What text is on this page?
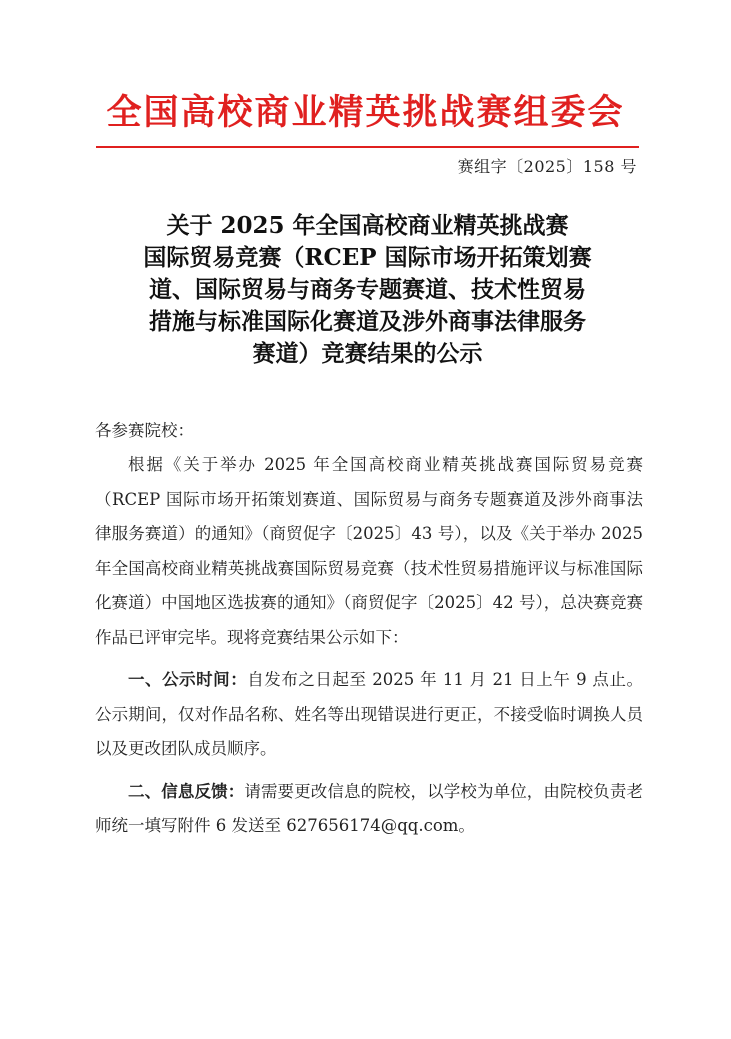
全国高校商业精英挑战赛组委会
赛组字〔2025〕158 号
关于 2025 年全国高校商业精英挑战赛
国际贸易竞赛（RCEP 国际市场开拓策划赛
道、国际贸易与商务专题赛道、技术性贸易
措施与标准国际化赛道及涉外商事法律服务
赛道）竞赛结果的公示

各参赛院校：

根据《关于举办 2025 年全国高校商业精英挑战赛国际贸易竞赛（RCEP 国际市场开拓策划赛道、国际贸易与商务专题赛道及涉外商事法律服务赛道）的通知》（商贸促字〔2025〕43 号），以及《关于举办 2025 年全国高校商业精英挑战赛国际贸易竞赛（技术性贸易措施评议与标准国际化赛道）中国地区选拔赛的通知》（商贸促字〔2025〕42 号），总决赛竞赛作品已评审完毕。现将竞赛结果公示如下：

一、公示时间：自发布之日起至 2025 年 11 月 21 日上午 9 点止。公示期间，仅对作品名称、姓名等出现错误进行更正，不接受临时调换人员以及更改团队成员顺序。

二、信息反馈：请需要更改信息的院校，以学校为单位，由院校负责老师统一填写附件 6 发送至 627656174@qq.com。
